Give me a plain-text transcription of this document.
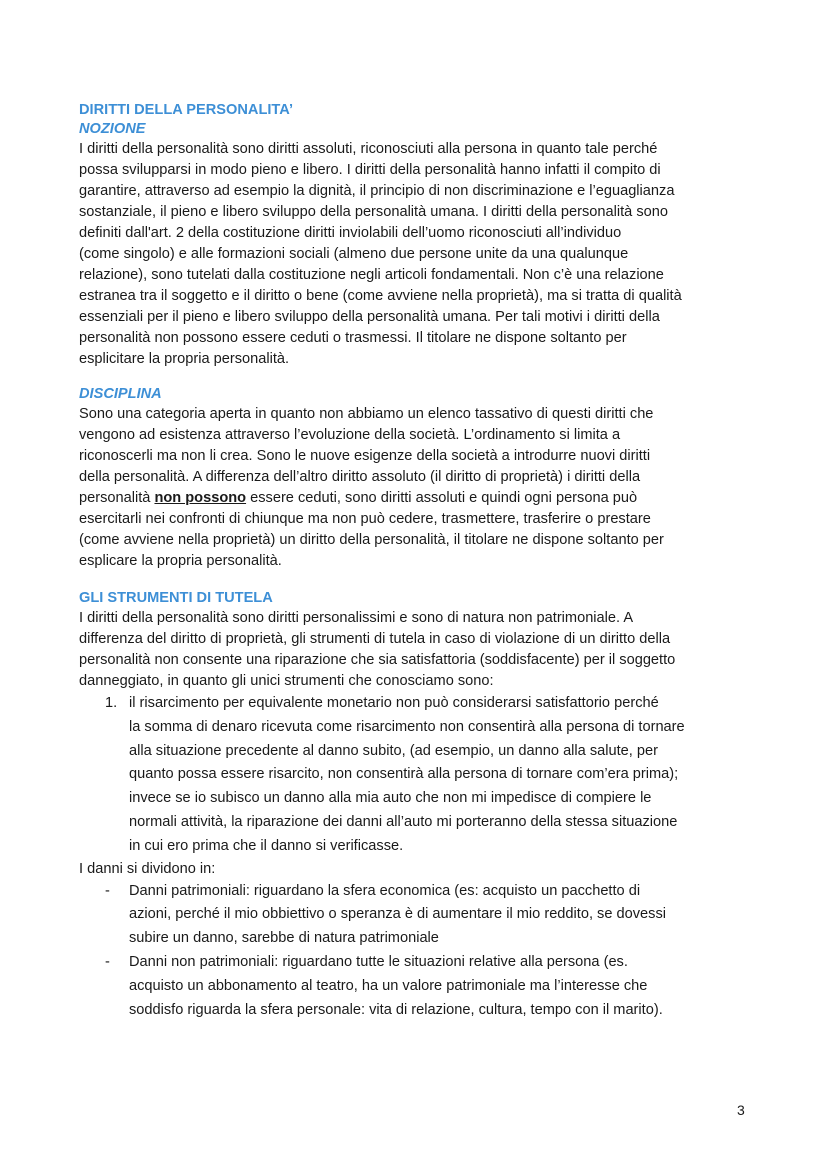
DIRITTI DELLA PERSONALITA’
NOZIONE
I diritti della personalità sono diritti assoluti, riconosciuti alla persona in quanto tale perché
possa svilupparsi in modo pieno e libero. I diritti della personalità hanno infatti il compito di
garantire, attraverso ad esempio la dignità, il principio di non discriminazione e l’eguaglianza
sostanziale, il pieno e libero sviluppo della personalità umana. I diritti della personalità sono
definiti dall'art. 2 della costituzione diritti inviolabili dell’uomo riconosciuti all’individuo
(come singolo) e alle formazioni sociali (almeno due persone unite da una qualunque
relazione), sono tutelati dalla costituzione negli articoli fondamentali. Non c’è una relazione
estranea tra il soggetto e il diritto o bene (come avviene nella proprietà), ma si tratta di qualità
essenziali per il pieno e libero sviluppo della personalità umana. Per tali motivi i diritti della
personalità non possono essere ceduti o trasmessi. Il titolare ne dispone soltanto per
esplicitare la propria personalità.
DISCIPLINA
Sono una categoria aperta in quanto non abbiamo un elenco tassativo di questi diritti che
vengono ad esistenza attraverso l’evoluzione della società. L’ordinamento si limita a
riconoscerli ma non li crea. Sono le nuove esigenze della società a introdurre nuovi diritti
della personalità. A differenza dell’altro diritto assoluto (il diritto di proprietà) i diritti della
personalità non possono essere ceduti, sono diritti assoluti e quindi ogni persona può
esercitarli nei confronti di chiunque ma non può cedere, trasmettere, trasferire o prestare
(come avviene nella proprietà) un diritto della personalità, il titolare ne dispone soltanto per
esplicare la propria personalità.
GLI STRUMENTI DI TUTELA
I diritti della personalità sono diritti personalissimi e sono di natura non patrimoniale. A
differenza del diritto di proprietà, gli strumenti di tutela in caso di violazione di un diritto della
personalità non consente una riparazione che sia satisfattoria (soddisfacente) per il soggetto
danneggiato, in quanto gli unici strumenti che conosciamo sono:
1. il risarcimento per equivalente monetario non può considerarsi satisfattorio perché
la somma di denaro ricevuta come risarcimento non consentirà alla persona di tornare
alla situazione precedente al danno subito, (ad esempio, un danno alla salute, per
quanto possa essere risarcito, non consentirà alla persona di tornare com’era prima);
invece se io subisco un danno alla mia auto che non mi impedisce di compiere le
normali attività, la riparazione dei danni all’auto mi porteranno della stessa situazione
in cui ero prima che il danno si verificasse.
I danni si dividono in:
-	Danni patrimoniali: riguardano la sfera economica (es: acquisto un pacchetto di
azioni, perché il mio obbiettivo o speranza è di aumentare il mio reddito, se dovessi
subire un danno, sarebbe di natura patrimoniale
-	Danni non patrimoniali: riguardano tutte le situazioni relative alla persona (es.
acquisto un abbonamento al teatro, ha un valore patrimoniale ma l’interesse che
soddisfo riguarda la sfera personale: vita di relazione, cultura, tempo con il marito).
3
